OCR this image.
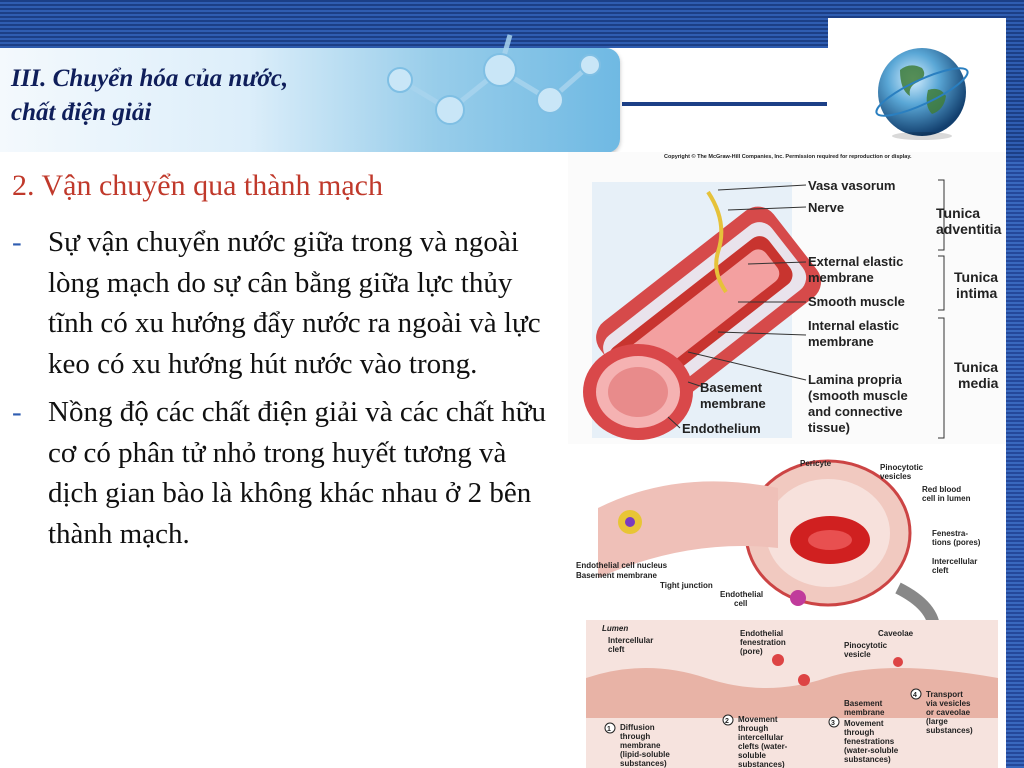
III. Chuyển hóa của nước,
chất điện giải
2. Vận chuyển qua thành mạch
- Sự vận chuyển nước giữa trong và ngoài lòng mạch do sự cân bằng giữa lực thủy tĩnh có xu hướng đẩy nước ra ngoài và lực keo có xu hướng hút nước vào trong.
- Nồng độ các chất điện giải và các chất hữu cơ có phân tử nhỏ trong huyết tương và dịch gian bào là không khác nhau ở 2 bên thành mạch.
Copyright © The McGraw-Hill Companies, Inc. Permission required for reproduction or display.
Vasa vasorum
Nerve
External elastic
membrane
Smooth muscle
Internal elastic
membrane
Lamina propria
(smooth muscle
and connective
tissue)
Basement
membrane
Endothelium
Tunica
adventitia
Tunica
intima
Tunica
media
Pericyte	Pinocytotic
vesicles
Red blood
cell in lumen
Fenestra-
tions (pores)
Intercellular
cleft
Endothelial cell nucleus
Basement membrane
Tight junction
Endothelial
cell
Lumen
Intercellular
cleft
Endothelial
fenestration
(pore)
Pinocytotic
vesicle
Caveolae
Basement
membrane
1 Diffusion
through
membrane
(lipid-soluble
substances)
2 Movement
through
intercellular
clefts (water-
soluble
substances)
3 Movement
through
fenestrations
(water-soluble
substances)
4 Transport
via vesicles
or caveolae
(large
substances)
